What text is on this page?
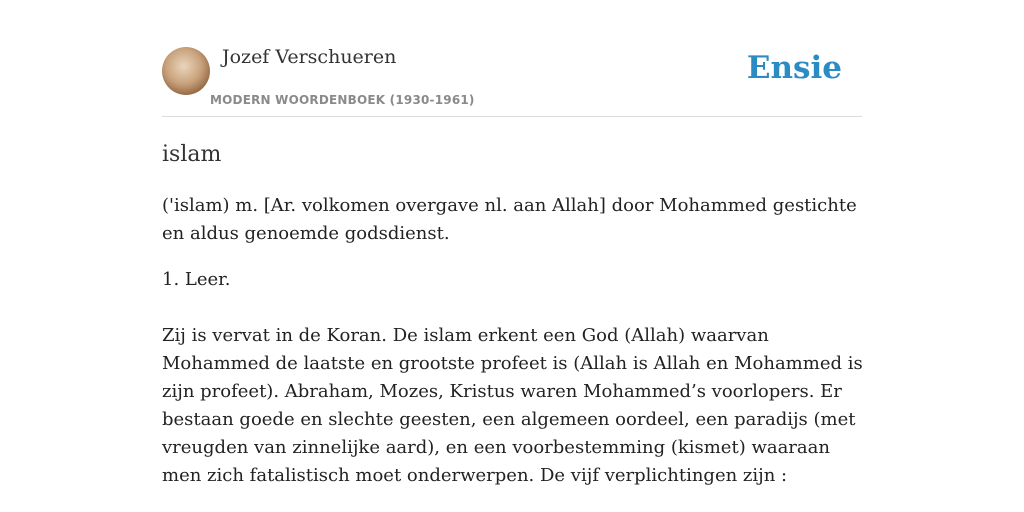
Jozef Verschueren
MODERN WOORDENBOEK (1930-1961)
Ensie
islam

('islam) m. [Ar. volkomen overgave nl. aan Allah] door Mohammed gestichte en aldus genoemde godsdienst.

1. Leer.

Zij is vervat in de Koran. De islam erkent een God (Allah) waarvan Mohammed de laatste en grootste profeet is (Allah is Allah en Mohammed is zijn profeet). Abraham, Mozes, Kristus waren Mohammed’s voorlopers. Er bestaan goede en slechte geesten, een algemeen oordeel, een paradijs (met vreugden van zinnelijke aard), en een voorbestemming (kismet) waaraan men zich fatalistisch moet onderwerpen. De vijf verplichtingen zijn :
